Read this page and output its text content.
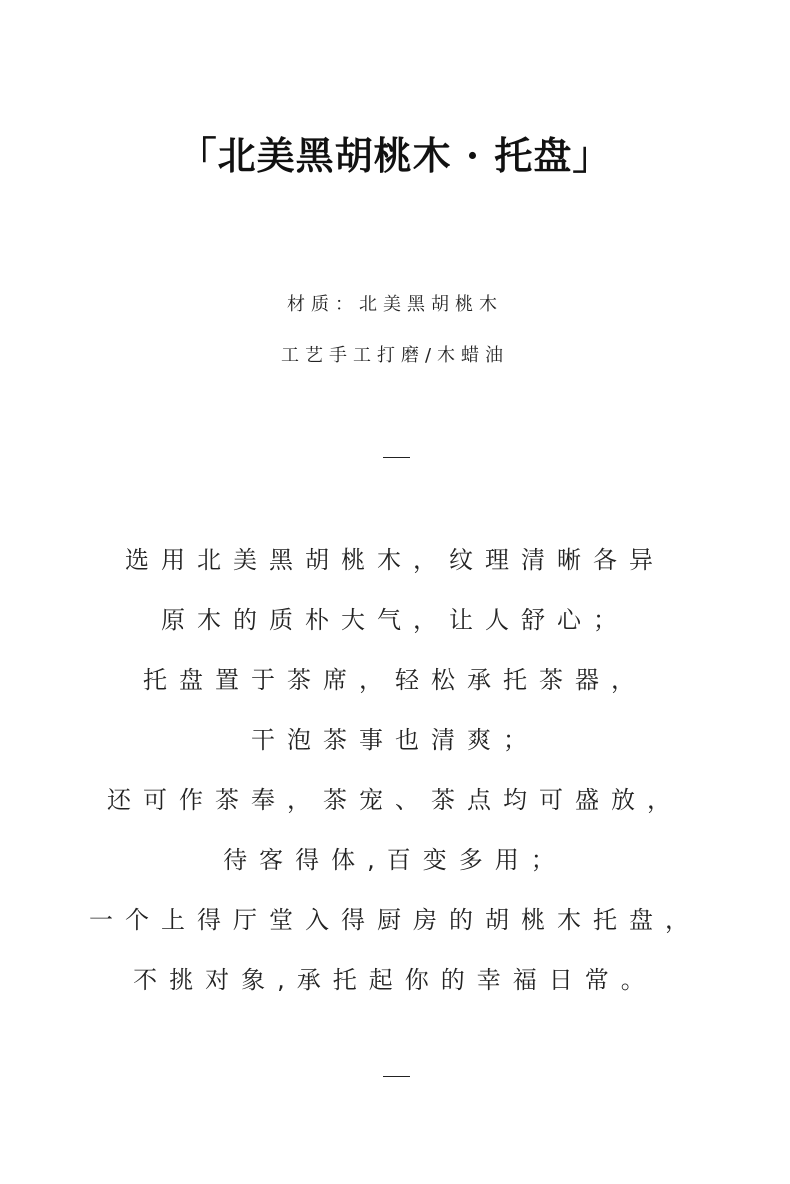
「北美黑胡桃木 · 托盘」
材质：北美黑胡桃木
工艺手工打磨/木蜡油
选用北美黑胡桃木，纹理清晰各异
原木的质朴大气，让人舒心；
托盘置于茶席，轻松承托茶器，
干泡茶事也清爽；
还可作茶奉，茶宠、茶点均可盛放，
待客得体,百变多用；
一个上得厅堂入得厨房的胡桃木托盘，
不挑对象,承托起你的幸福日常。
